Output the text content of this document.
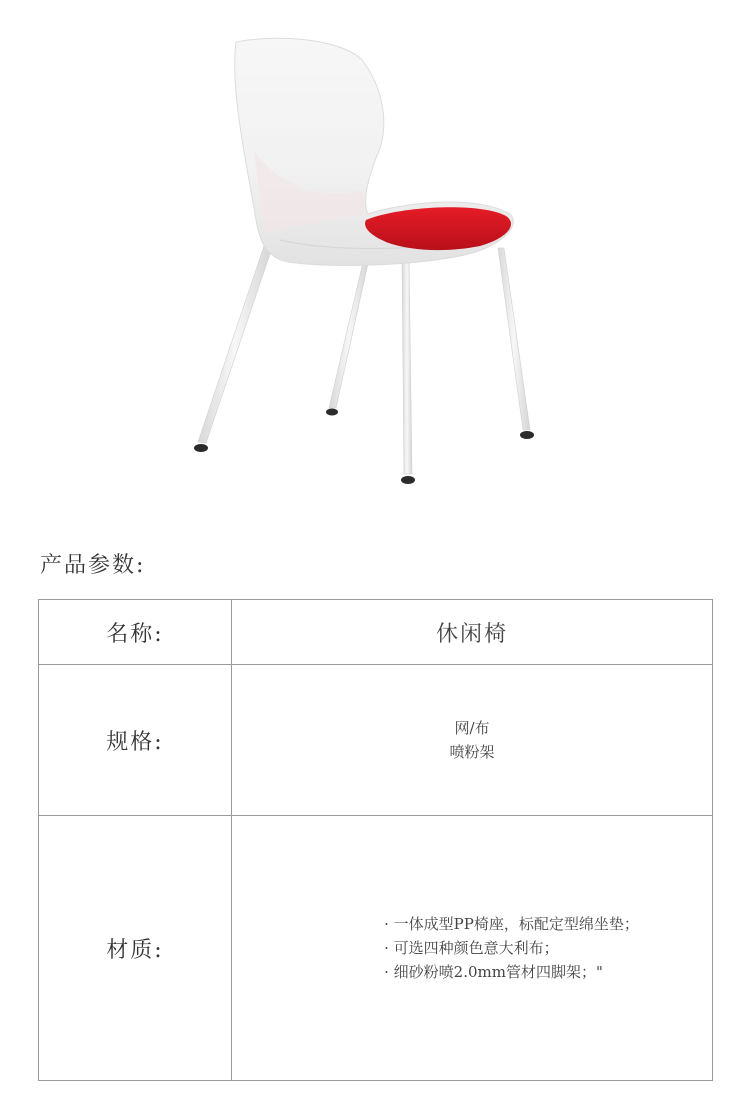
产品参数:
名称:	休闲椅
规格:	网/布
喷粉架

材质:	· 一体成型PP椅座，标配定型绵坐垫；
· 可选四种颜色意大利布；
· 细砂粉喷2.0mm管材四脚架；"
